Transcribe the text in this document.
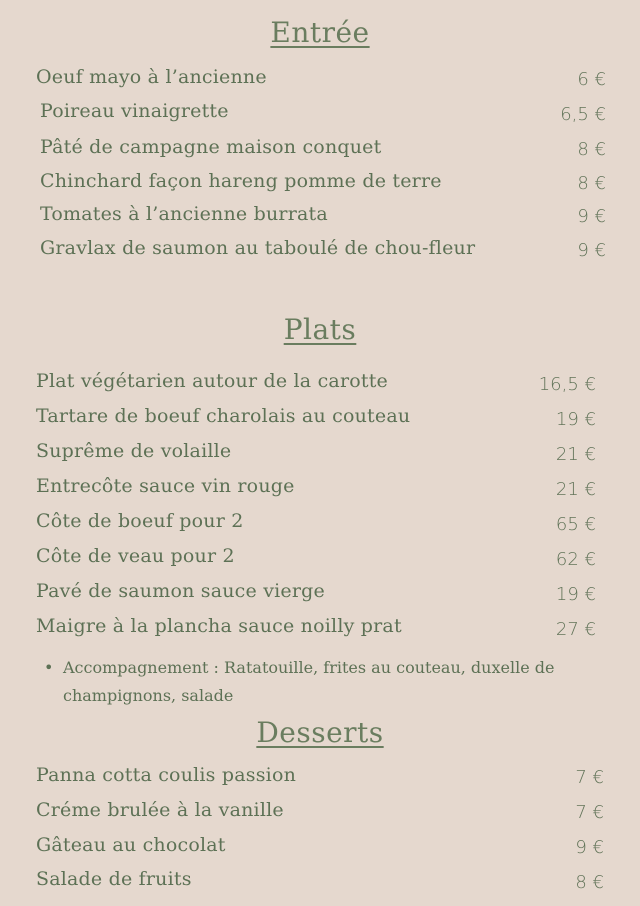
Entrée
Oeuf mayo à l’ancienne	6 €
Poireau vinaigrette	6,5 €
Pâté de campagne maison conquet	8 €
Chinchard façon hareng pomme de terre	8 €
Tomates à l’ancienne burrata	9 €
Gravlax de saumon au taboulé de chou-fleur	9 €
Plats
Plat végétarien autour de la carotte	16,5 €
Tartare de boeuf charolais au couteau	19 €
Suprême de volaille	21 €
Entrecôte sauce vin rouge	21 €
Côte de boeuf pour 2	65 €
Côte de veau pour 2	62 €
Pavé de saumon sauce vierge	19 €
Maigre à la plancha sauce noilly prat	27 €
• Accompagnement : Ratatouille, frites au couteau, duxelle de champignons, salade
Desserts
Panna cotta coulis passion	7 €
Créme brulée à la vanille	7 €
Gâteau au chocolat	9 €
Salade de fruits	8 €
